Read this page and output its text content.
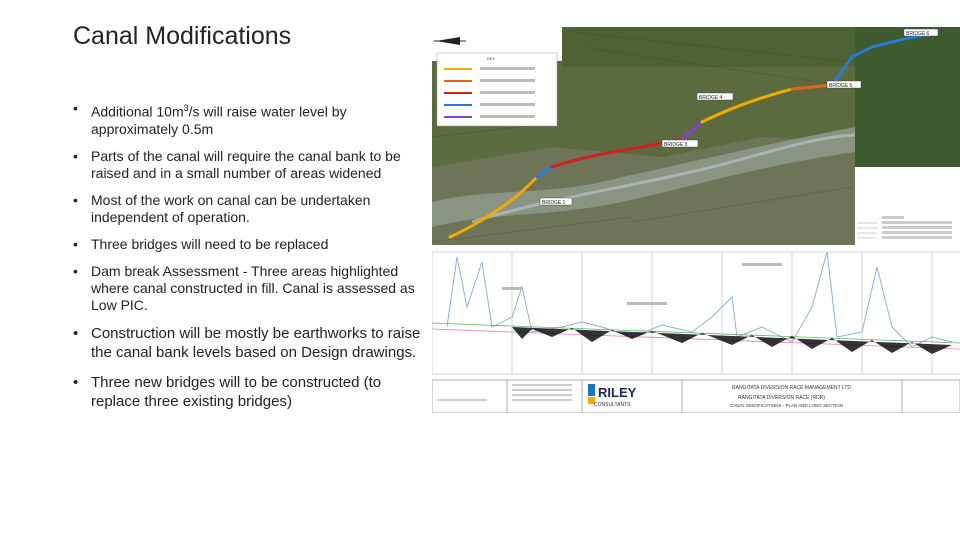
Canal Modifications
• Additional $10m^3/s$ will raise water level by approximately 0.5m
• Parts of the canal will require the canal bank to be raised and in a small number of areas widened
• Most of the work on canal can be undertaken independent of operation.
• Three bridges will need to be replaced
• Dam break Assessment - Three areas highlighted where canal constructed in fill. Canal is assessed as Low PIC.
• Construction will be mostly be earthworks to raise the canal bank levels based on Design drawings.
• Three new bridges will to be constructed (to replace three existing bridges)
KEY
BRIDGE 1
BRIDGE 3
BRIDGE 4
BRIDGE 5
BRIDGE 6
RILEY
CONSULTANTS
RANGITATA DIVERSION RACE MANAGEMENT LTD
RANGITATA DIVERSION RACE (RDR)
CANAL MODIFICATIONS - PLAN AND LONG SECTION
